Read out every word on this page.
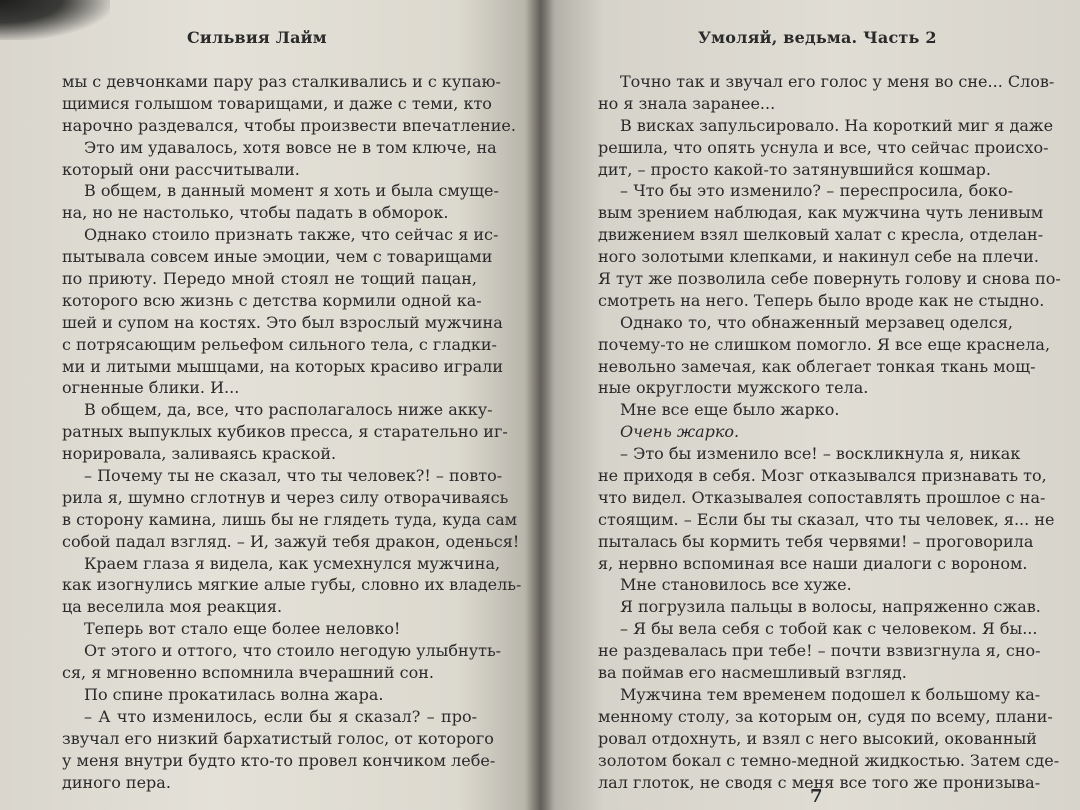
Сильвия Лайм
мы с девчонками пару раз сталкивались и с купаю-
щимися голышом товарищами, и даже с теми, кто
нарочно раздевался, чтобы произвести впечатление.
Это им удавалось, хотя вовсе не в том ключе, на
который они рассчитывали.
В общем, в данный момент я хоть и была смуще-
на, но не настолько, чтобы падать в обморок.
Однако стоило признать также, что сейчас я ис-
пытывала совсем иные эмоции, чем с товарищами
по приюту. Передо мной стоял не тощий пацан,
которого всю жизнь с детства кормили одной ка-
шей и супом на костях. Это был взрослый мужчина
с потрясающим рельефом сильного тела, с гладки-
ми и литыми мышцами, на которых красиво играли
огненные блики. И...
В общем, да, все, что располагалось ниже акку-
ратных выпуклых кубиков пресса, я старательно иг-
норировала, заливаясь краской.
– Почему ты не сказал, что ты человек?! – повто-
рила я, шумно сглотнув и через силу отворачиваясь
в сторону камина, лишь бы не глядеть туда, куда сам
собой падал взгляд. – И, зажуй тебя дракон, оденься!
Краем глаза я видела, как усмехнулся мужчина,
как изогнулись мягкие алые губы, словно их владель-
ца веселила моя реакция.
Теперь вот стало еще более неловко!
От этого и оттого, что стоило негодую улыбнуть-
ся, я мгновенно вспомнила вчерашний сон.
По спине прокатилась волна жара.
– А что изменилось, если бы я сказал? – про-
звучал его низкий бархатистый голос, от которого
у меня внутри будто кто-то провел кончиком лебе-
диного пера.
Умоляй, ведьма. Часть 2
Точно так и звучал его голос у меня во сне... Слов-
но я знала заранее...
В висках запульсировало. На короткий миг я даже
решила, что опять уснула и все, что сейчас происхо-
дит, – просто какой-то затянувшийся кошмар.
– Что бы это изменило? – переспросила, боко-
вым зрением наблюдая, как мужчина чуть ленивым
движением взял шелковый халат с кресла, отделан-
ного золотыми клепками, и накинул себе на плечи.
Я тут же позволила себе повернуть голову и снова по-
смотреть на него. Теперь было вроде как не стыдно.
Однако то, что обнаженный мерзавец оделся,
почему-то не слишком помогло. Я все еще краснела,
невольно замечая, как облегает тонкая ткань мощ-
ные округлости мужского тела.
Мне все еще было жарко.
Очень жарко.
– Это бы изменило все! – воскликнула я, никак
не приходя в себя. Мозг отказывался признавать то,
что видел. Отказывалея сопоставлять прошлое с на-
стоящим. – Если бы ты сказал, что ты человек, я... не
пыталась бы кормить тебя червями! – проговорила
я, нервно вспоминая все наши диалоги с вороном.
Мне становилось все хуже.
Я погрузила пальцы в волосы, напряженно сжав.
– Я бы вела себя с тобой как с человеком. Я бы...
не раздевалась при тебе! – почти взвизгнула я, сно-
ва поймав его насмешливый взгляд.
Мужчина тем временем подошел к большому ка-
менному столу, за которым он, судя по всему, плани-
ровал отдохнуть, и взял с него высокий, окованный
золотом бокал с темно-медной жидкостью. Затем сде-
лал глоток, не сводя с меня все того же пронизыва-
7
